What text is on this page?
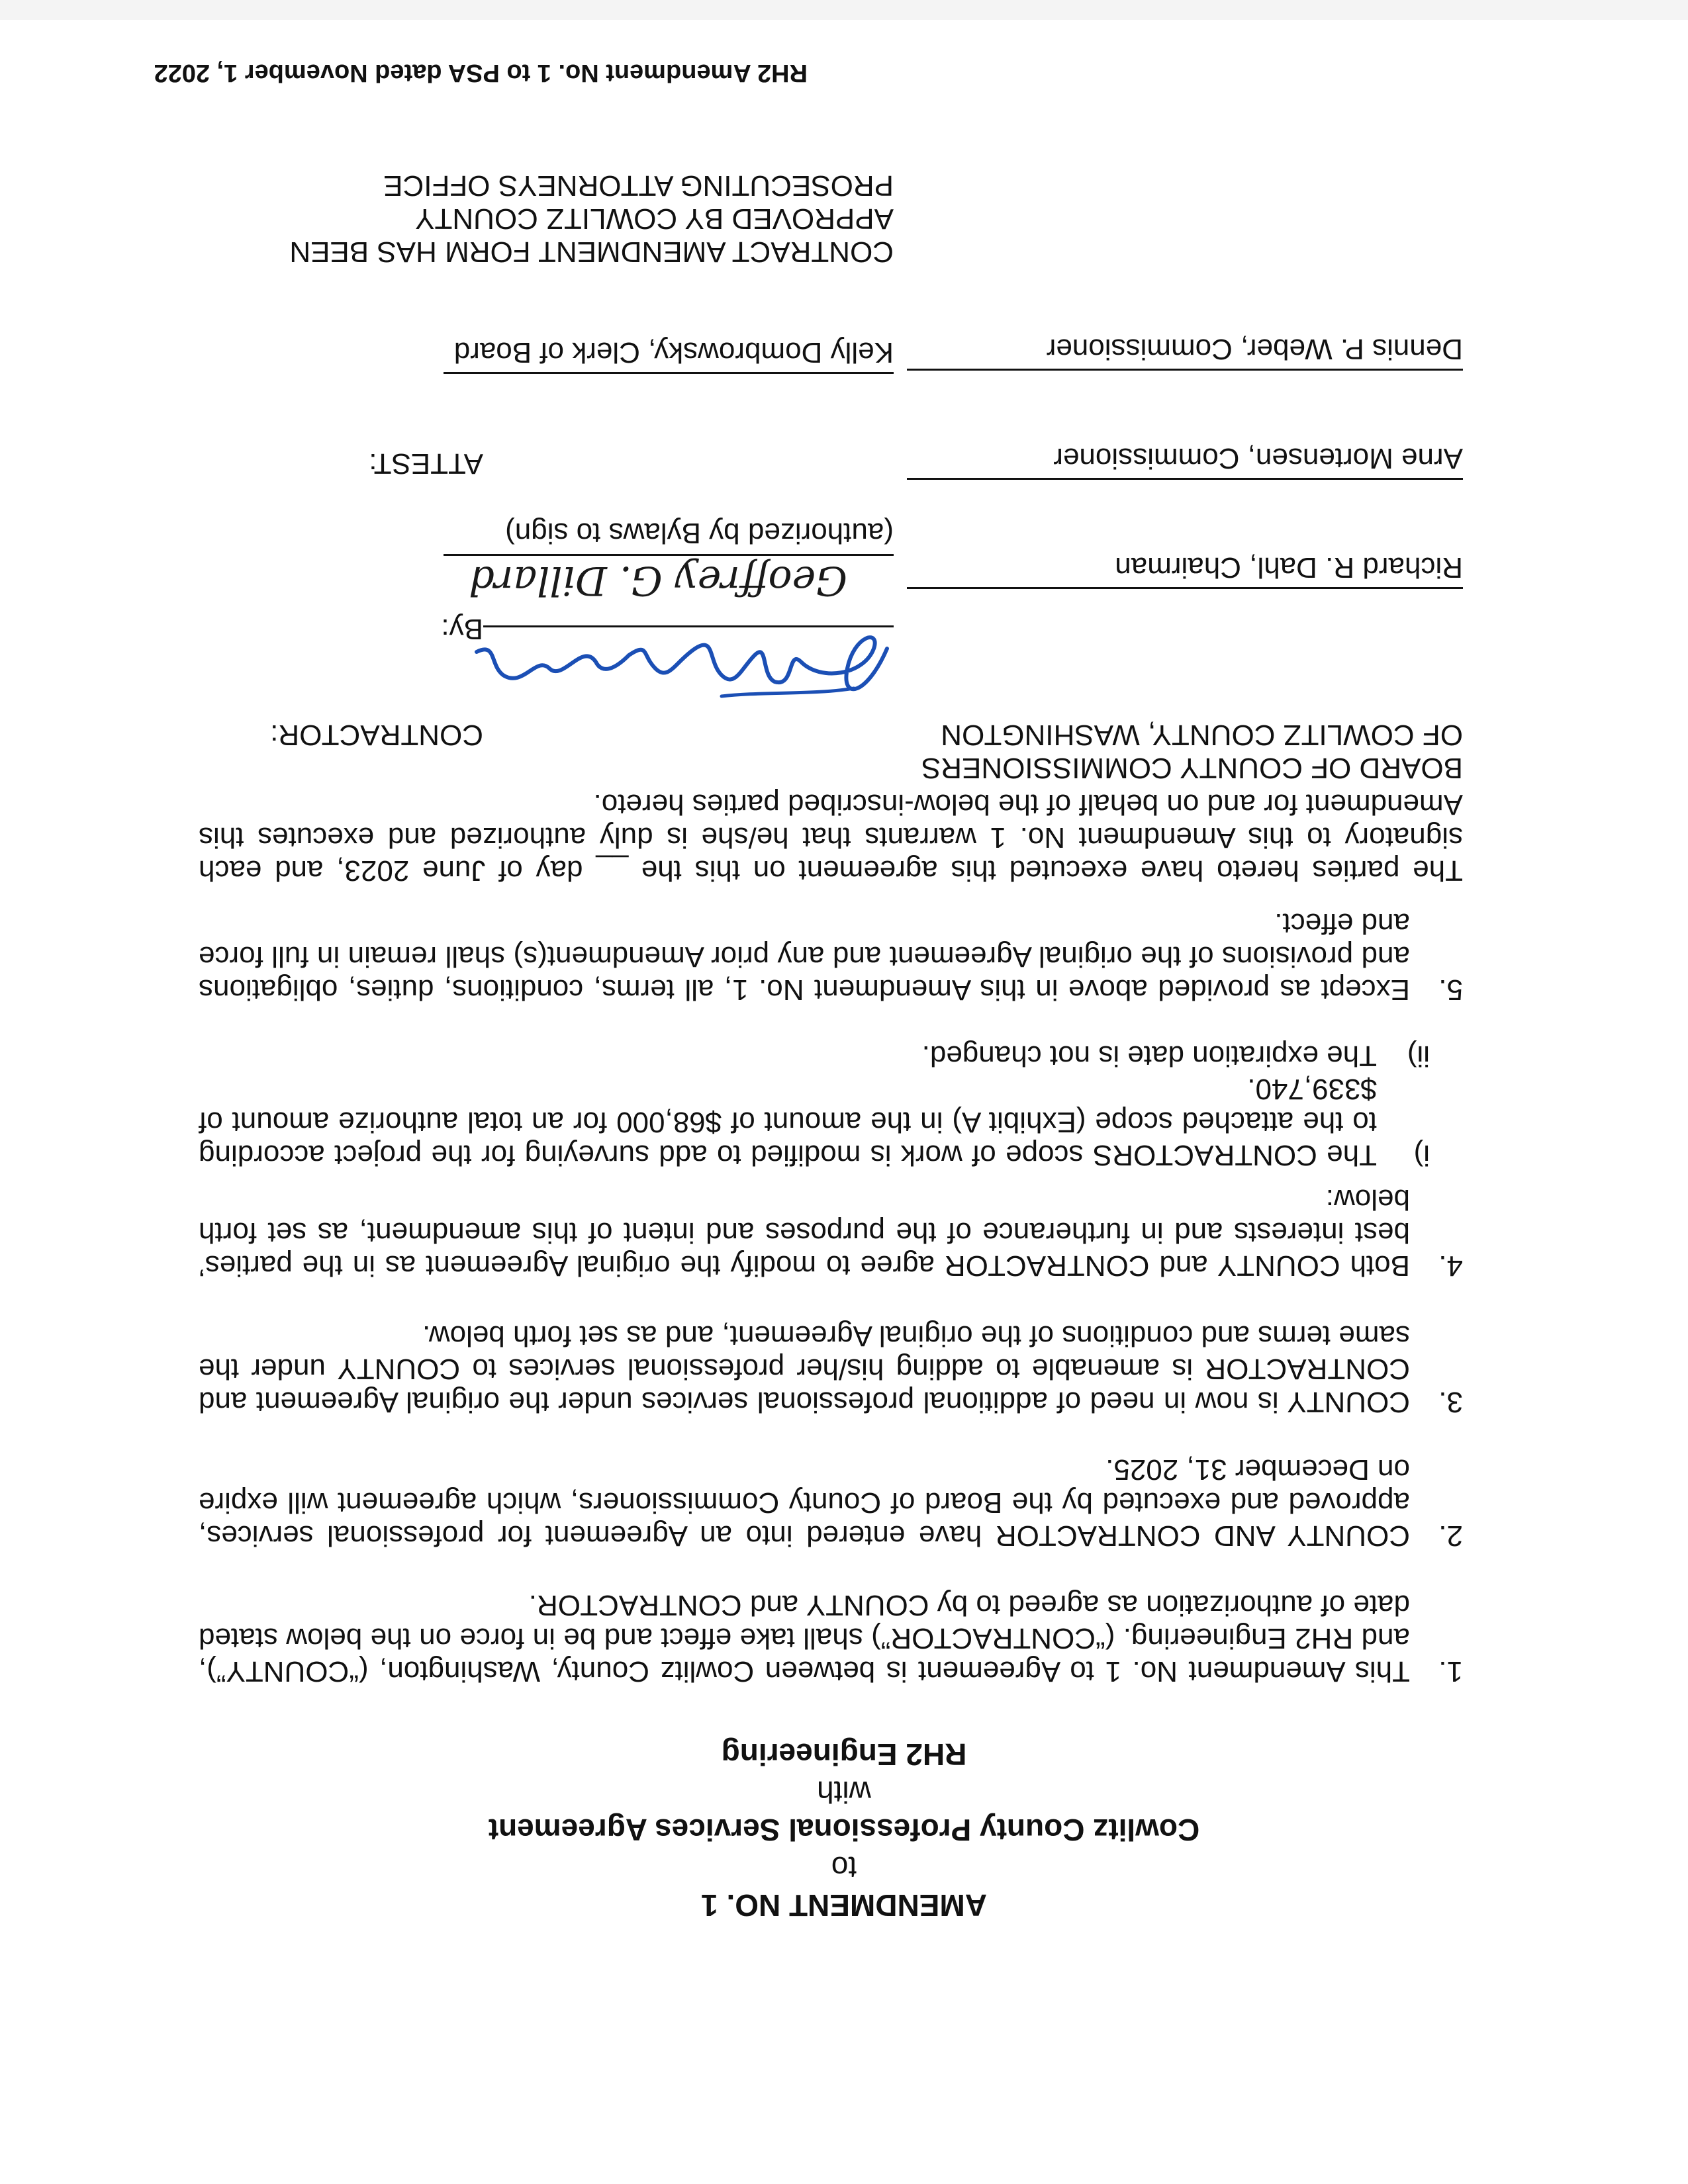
AMENDMENT NO. 1
to
Cowlitz County Professional Services Agreement
with
RH2 Engineering
1.
This Amendment No. 1 to Agreement is between Cowlitz County, Washington, (“COUNTY”), and RH2 Engineering. (“CONTRACTOR”) shall take effect and be in force on the below stated date of authorization as agreed to by COUNTY and CONTRACTOR.
2.
COUNTY AND CONTRACTOR have entered into an Agreement for professional services, approved and executed by the Board of County Commissioners, which agreement will expire on December 31, 2025.
3.
COUNTY is now in need of additional professional services under the original Agreement and CONTRACTOR is amenable to adding his/her professional services to COUNTY under the same terms and conditions of the original Agreement, and as set forth below.
4.
Both COUNTY and CONTRACTOR agree to modify the original Agreement as in the parties’ best interests and in furtherance of the purposes and intent of this amendment, as set forth below:
i)
The CONTRACTORS scope of work is modified to add surveying for the project according to the attached scope (Exhibit A) in the amount of $68,000 for an total authorize amount of $339,740.
ii)
The expiration date is not changed.
5.
Except as provided above in this Amendment No. 1, all terms, conditions, duties, obligations and provisions of the original Agreement and any prior Amendment(s) shall remain in full force and effect.
The parties hereto have executed this agreement on this the __ day of June 2023, and each signatory to this Amendment No. 1 warrants that he/she is duly authorized and executes this Amendment for and on behalf of the below-inscribed parties hereto.
BOARD OF COUNTY COMMISSIONERS
OF COWLITZ COUNTY, WASHINGTON
Richard R. Dahl, Chairman
Arne Mortensen, Commissioner
Dennis P. Weber, Commissioner
CONTRACTOR:
By:
Geoffrey G. Dillard
(authorized by Bylaws to sign)
ATTEST:
Kelly Dombrowsky, Clerk of Board
CONTRACT AMENDMENT FORM HAS BEEN
APPROVED BY COWLITZ COUNTY
PROSECUTING ATTORNEYS OFFICE
RH2 Amendment No. 1 to PSA dated November 1, 2022
